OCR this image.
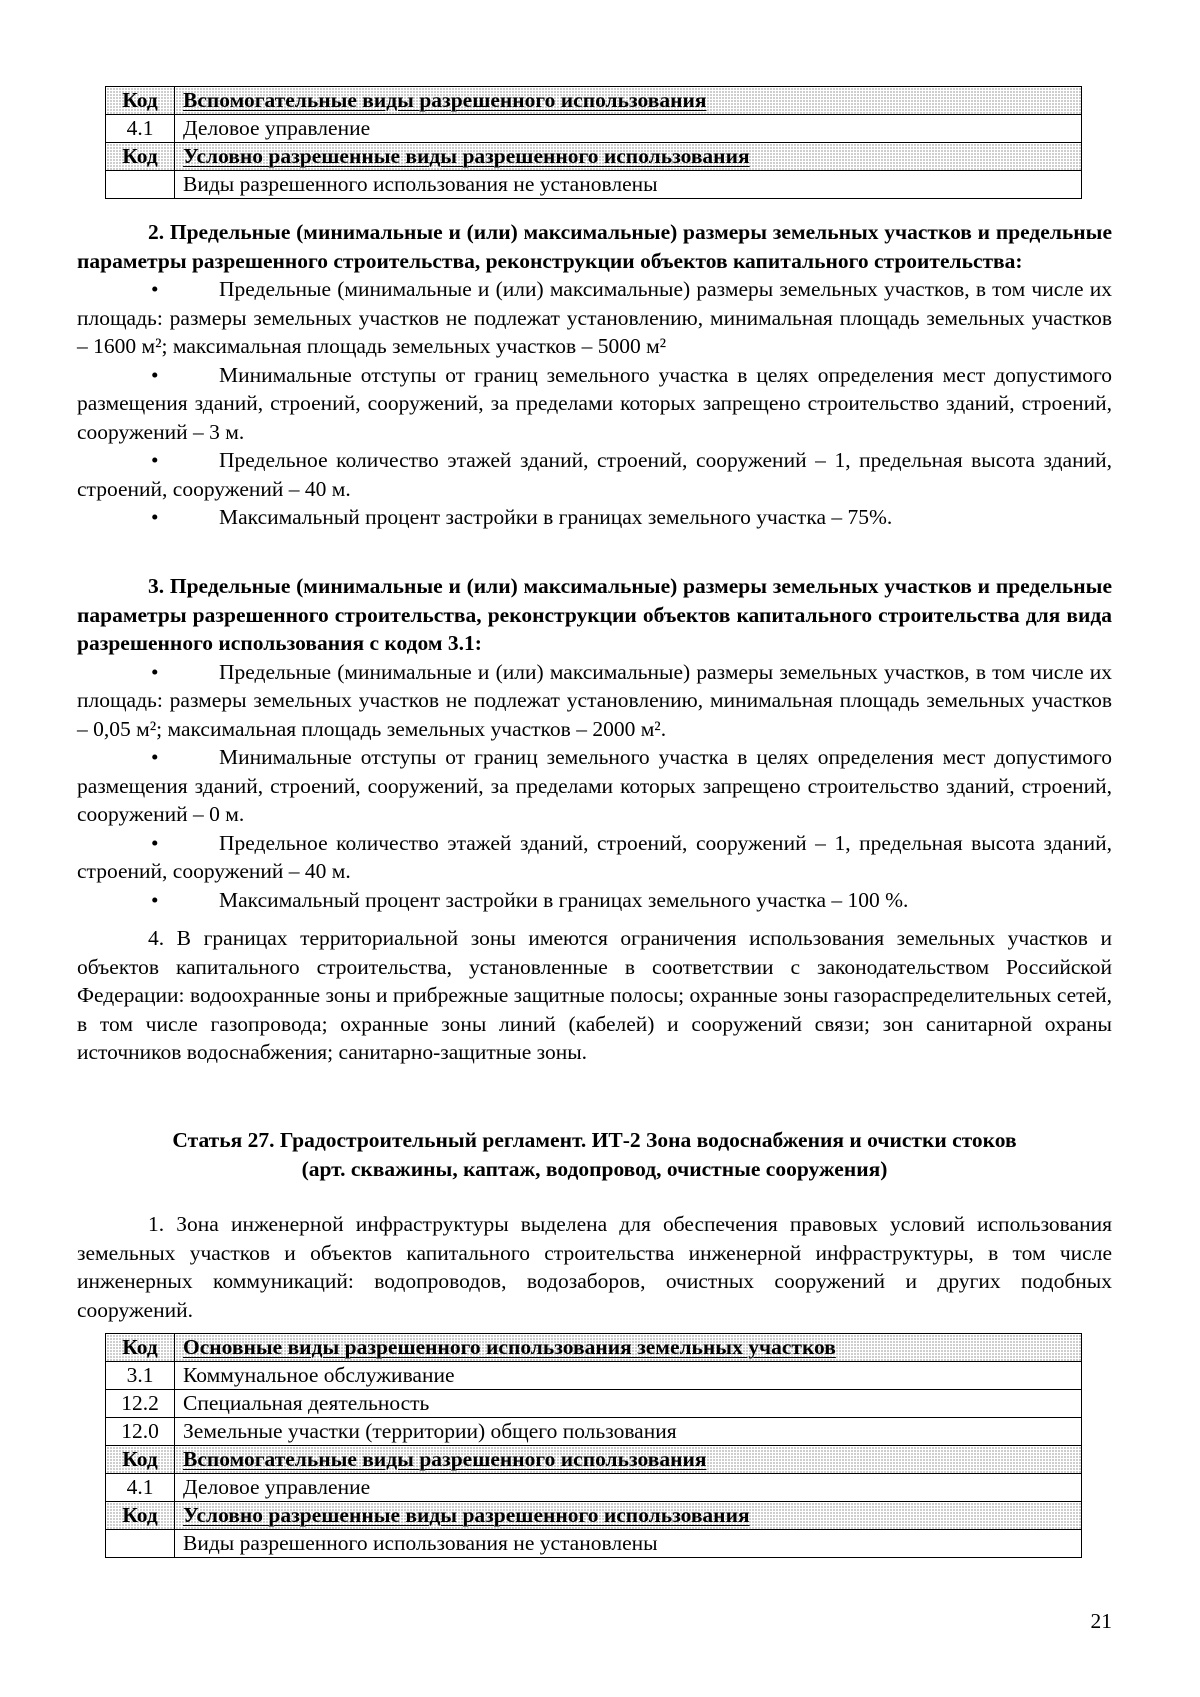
Код	Вспомогательные виды разрешенного использования
4.1	Деловое управление
Код	Условно разрешенные виды разрешенного использования
	Виды разрешенного использования не установлены

2. Предельные (минимальные и (или) максимальные) размеры земельных участков и предельные параметры разрешенного строительства, реконструкции объектов капитального строительства:

•	Предельные (минимальные и (или) максимальные) размеры земельных участков, в том числе их площадь: размеры земельных участков не подлежат установлению, минимальная площадь земельных участков – 1600 м²; максимальная площадь земельных участков – 5000 м²

•	Минимальные отступы от границ земельного участка в целях определения мест допустимого размещения зданий, строений, сооружений, за пределами которых запрещено строительство зданий, строений, сооружений – 3 м.

•	Предельное количество этажей зданий, строений, сооружений – 1, предельная высота зданий, строений, сооружений – 40 м.

•	Максимальный процент застройки в границах земельного участка – 75%.

3. Предельные (минимальные и (или) максимальные) размеры земельных участков и предельные параметры разрешенного строительства, реконструкции объектов капитального строительства для вида разрешенного использования с кодом 3.1:

•	Предельные (минимальные и (или) максимальные) размеры земельных участков, в том числе их площадь: размеры земельных участков не подлежат установлению, минимальная площадь земельных участков – 0,05 м²; максимальная площадь земельных участков – 2000 м².

•	Минимальные отступы от границ земельного участка в целях определения мест допустимого размещения зданий, строений, сооружений, за пределами которых запрещено строительство зданий, строений, сооружений – 0 м.

•	Предельное количество этажей зданий, строений, сооружений – 1, предельная высота зданий, строений, сооружений – 40 м.

•	Максимальный процент застройки в границах земельного участка – 100 %.

4. В границах территориальной зоны имеются ограничения использования земельных участков и объектов капитального строительства, установленные в соответствии с законодательством Российской Федерации: водоохранные зоны и прибрежные защитные полосы; охранные зоны газораспределительных сетей, в том числе газопровода; охранные зоны линий (кабелей) и сооружений связи; зон санитарной охраны источников водоснабжения; санитарно-защитные зоны.

Статья 27. Градостроительный регламент. ИТ-2 Зона водоснабжения и очистки стоков

(арт. скважины, каптаж, водопровод, очистные сооружения)

1. Зона инженерной инфраструктуры выделена для обеспечения правовых условий использования земельных участков и объектов капитального строительства инженерной инфраструктуры, в том числе инженерных коммуникаций: водопроводов, водозаборов, очистных сооружений и других подобных сооружений.

Код	Основные виды разрешенного использования земельных участков
3.1	Коммунальное обслуживание
12.2	Специальная деятельность
12.0	Земельные участки (территории) общего пользования
Код	Вспомогательные виды разрешенного использования
4.1	Деловое управление
Код	Условно разрешенные виды разрешенного использования
	Виды разрешенного использования не установлены
21
